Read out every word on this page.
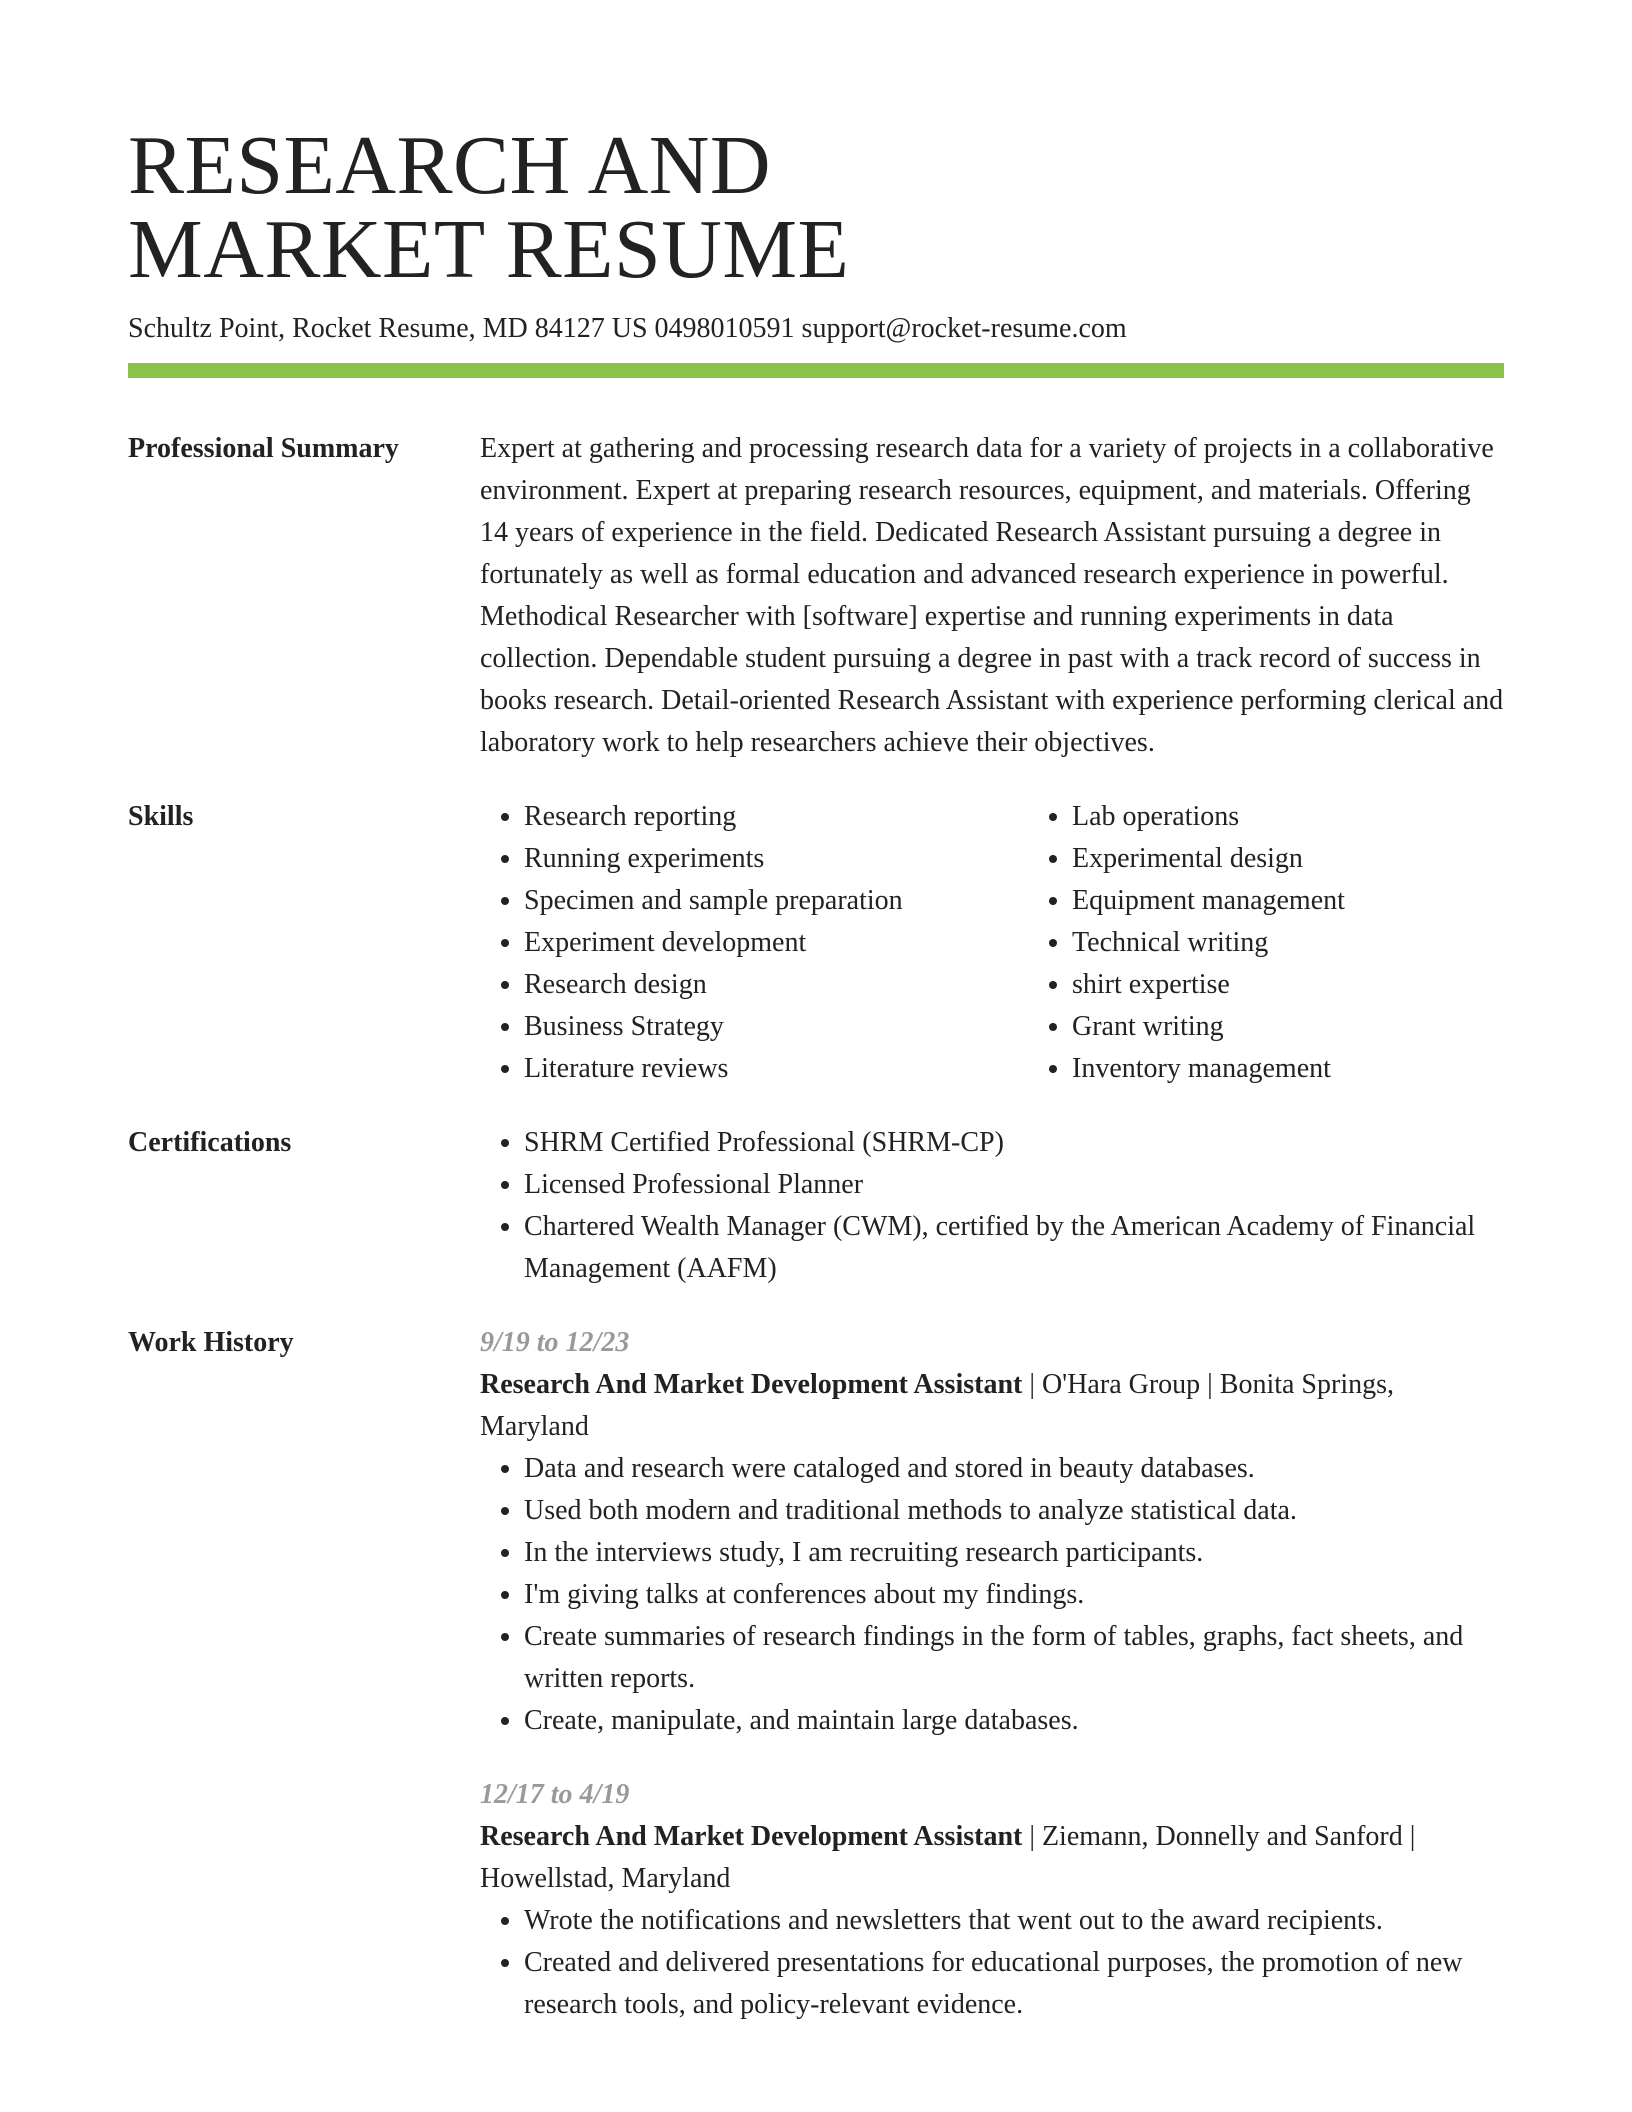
RESEARCH AND
MARKET RESUME
Schultz Point, Rocket Resume, MD 84127 US 0498010591 support@rocket-resume.com
Professional Summary	Expert at gathering and processing research data for a variety of projects in a collaborative environment. Expert at preparing research resources, equipment, and materials. Offering 14 years of experience in the field. Dedicated Research Assistant pursuing a degree in fortunately as well as formal education and advanced research experience in powerful. Methodical Researcher with [software] expertise and running experiments in data collection. Dependable student pursuing a degree in past with a track record of success in books research. Detail-oriented Research Assistant with experience performing clerical and laboratory work to help researchers achieve their objectives.
Skills	• Research reporting
• Running experiments
• Specimen and sample preparation
• Experiment development
• Research design
• Business Strategy
• Literature reviews
• Lab operations
• Experimental design
• Equipment management
• Technical writing
• shirt expertise
• Grant writing
• Inventory management
Certifications	• SHRM Certified Professional (SHRM-CP)
• Licensed Professional Planner
• Chartered Wealth Manager (CWM), certified by the American Academy of Financial Management (AAFM)
Work History	9/19 to 12/23
Research And Market Development Assistant | O'Hara Group | Bonita Springs, Maryland
• Data and research were cataloged and stored in beauty databases.
• Used both modern and traditional methods to analyze statistical data.
• In the interviews study, I am recruiting research participants.
• I'm giving talks at conferences about my findings.
• Create summaries of research findings in the form of tables, graphs, fact sheets, and written reports.
• Create, manipulate, and maintain large databases.
12/17 to 4/19
Research And Market Development Assistant | Ziemann, Donnelly and Sanford | Howellstad, Maryland
• Wrote the notifications and newsletters that went out to the award recipients.
• Created and delivered presentations for educational purposes, the promotion of new research tools, and policy-relevant evidence.
